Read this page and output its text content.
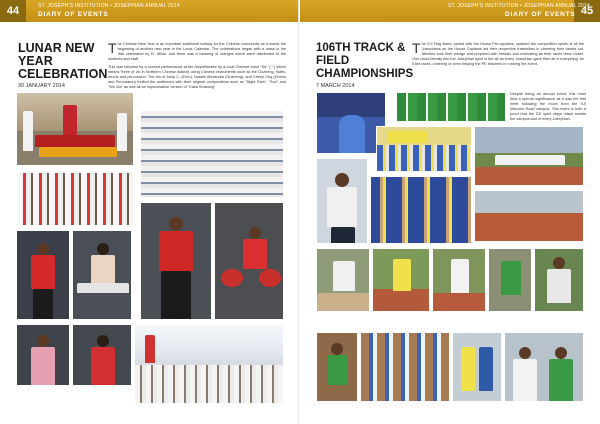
44	ST. JOSEPH'S INSTITUTION • JOSEPHIAN ANNUAL 2014
DIARY OF EVENTS
LUNAR NEW
YEAR
CELEBRATION
30 JANUARY 2014

The Chinese New Year is an important traditional holiday for the Chinese community as it marks the beginning of another new year in the Lunar Calendar. The celebrations began with a mass in the Hall celebrated by Fr. Millar, and there was a blessing of oranges which were distributed to the students and staff.

This was followed by a concert performance at the Amphitheatre by a local Chinese band "Sa" (三) which means 'three of us' in Northern Chinese dialect) using Chinese instruments such as the Guzheng, flutes, drums and percussion. The trio of Andy C. (Erhu), Natalie Alexandra (Guzheng), and Cheryl Ong (Drums and Percussion) thrilled the audiences with their original compositions such as "Night Rain", "Sun" and "Wu Xia" as well as an improvisation version of "Kasa Seasong".

45
ST. JOSEPH'S INSTITUTION • JOSEPHIAN ANNUAL 2014
DIARY OF EVENTS
106TH TRACK &
FIELD
CHAMPIONSHIPS
7 MARCH 2014

The SJI Flag Band, paired with the House Pre-captains, sparked the competition spirits of all the Josephians as the House Captains led their respective fraternities in cheering their hearts out. Athletes took their pledge and prepared with medals and motivating as their races drew closer. One could literally feel the Josephian spirit in the air as every Josephian gave their all in everything, be it the races, cheering or even helping the PE teachers in running the event.

Despite being an annual event, this meet held a special significance as it was the first meet following the move from the SJI Malcolm Road campus. This event is both a proof that the SJI spirit stays intact amidst the campus and in every Josephian.
